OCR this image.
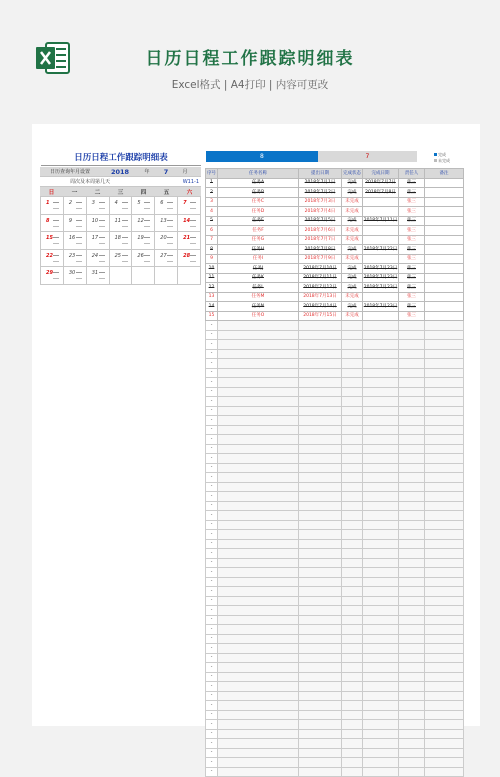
日历日程工作跟踪明细表
Excel格式 | A4打印 | 内容可更改
日历日程工作跟踪明细表
日历查询年月设置	2018	年	7	月
周次及本周第几天	W11-1
日	一	二	三	四	五	六
1	2	3	4	5	6	7
8	9	10	11	12	13	14
15	16	17	18	19	20	21
22	23	24	25	26	27	28
29	30	31
8	7	完成
未完成
序号	任务名称	提出日期	完成状态	完成日期	责任人	备注
1	任务A	2018年7月1日	完成	2018年7月7日	张三	
2	任务B	2018年7月2日	完成	2018年7月8日	张三	
3	任务C	2018年7月3日	未完成		张三	
4	任务D	2018年7月4日	未完成		张三	
5	任务E	2018年7月5日	完成	2018年7月11日	张三	
6	任务F	2018年7月6日	未完成		张三	
7	任务G	2018年7月7日	未完成		张三	
8	任务H	2018年7月8日	完成	2018年7月22日	张三	
9	任务I	2018年7月9日	未完成		张三	
10	任务J	2018年7月10日	完成	2018年7月23日	张三	
11	任务K	2018年7月11日	完成	2018年7月23日	张三	
12	任务L	2018年7月12日	完成	2018年7月23日	张三	
13	任务M	2018年7月13日	未完成		张三	
14	任务N	2018年7月14日	完成	2018年7月23日	张三	
15	任务O	2018年7月15日	未完成		张三	
-						
-						
-						
-						
-						
-						
-						
-						
-						
-						
-						
-						
-						
-						
-						
-						
-						
-						
-						
-						
-						
-						
-						
-						
-						
-						
-						
-						
-						
-						
-						
-						
-						
-						
-						
-						
-						
-						
-						
-						
-						
-						
-						
-						
-						
-						
-						
-						
